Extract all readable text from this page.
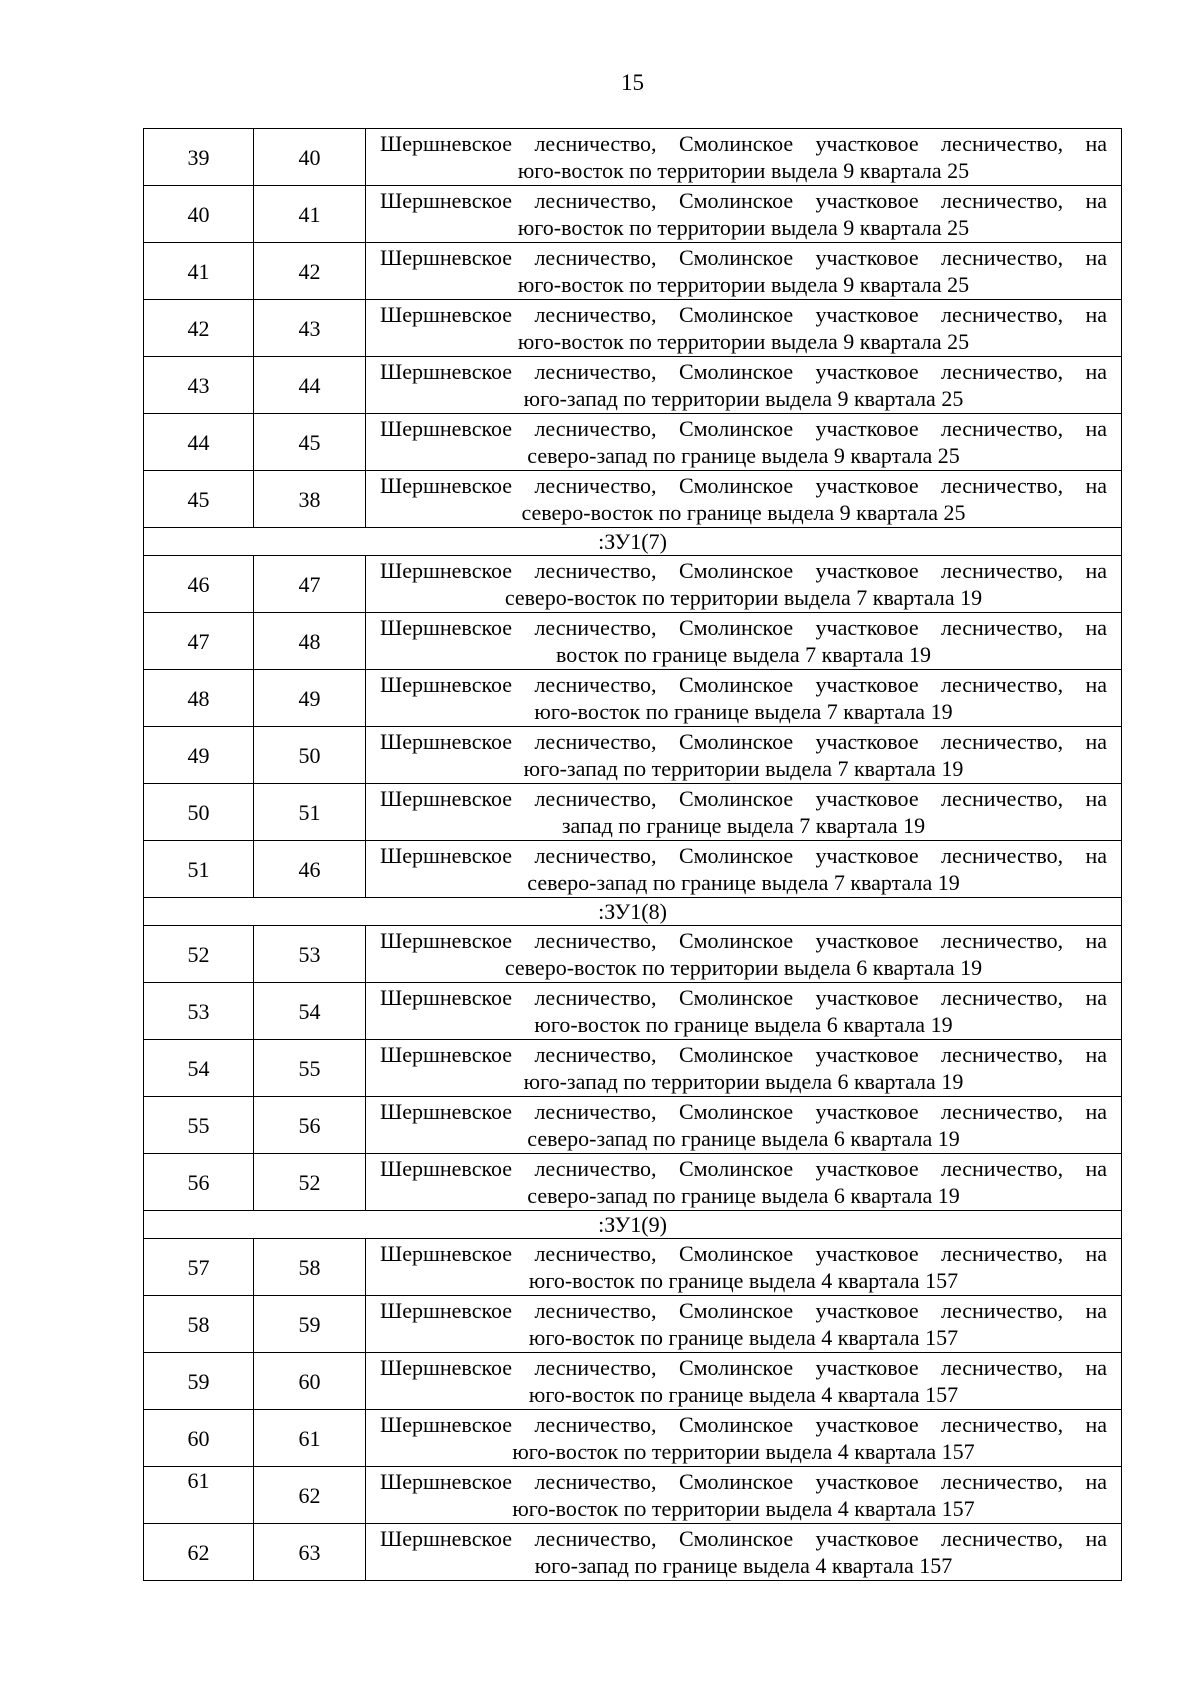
15
39	40	Шершневское лесничество, Смолинское участковое лесничество, на
юго-восток по территории выдела 9 квартала 25

40	41	Шершневское лесничество, Смолинское участковое лесничество, на
юго-восток по территории выдела 9 квартала 25

41	42	Шершневское лесничество, Смолинское участковое лесничество, на
юго-восток по территории выдела 9 квартала 25

42	43	Шершневское лесничество, Смолинское участковое лесничество, на
юго-восток по территории выдела 9 квартала 25

43	44	Шершневское лесничество, Смолинское участковое лесничество, на
юго-запад по территории выдела 9 квартала 25

44	45	Шершневское лесничество, Смолинское участковое лесничество, на
северо-запад по границе выдела 9 квартала 25

45	38	Шершневское лесничество, Смолинское участковое лесничество, на
северо-восток по границе выдела 9 квартала 25

:ЗУ1(7)		
46	47	Шершневское лесничество, Смолинское участковое лесничество, на
северо-восток по территории выдела 7 квартала 19

47	48	Шершневское лесничество, Смолинское участковое лесничество, на
восток по границе выдела 7 квартала 19

48	49	Шершневское лесничество, Смолинское участковое лесничество, на
юго-восток по границе выдела 7 квартала 19

49	50	Шершневское лесничество, Смолинское участковое лесничество, на
юго-запад по территории выдела 7 квартала 19

50	51	Шершневское лесничество, Смолинское участковое лесничество, на
запад по границе выдела 7 квартала 19

51	46	Шершневское лесничество, Смолинское участковое лесничество, на
северо-запад по границе выдела 7 квартала 19

:ЗУ1(8)		
52	53	Шершневское лесничество, Смолинское участковое лесничество, на
северо-восток по территории выдела 6 квартала 19

53	54	Шершневское лесничество, Смолинское участковое лесничество, на
юго-восток по границе выдела 6 квартала 19

54	55	Шершневское лесничество, Смолинское участковое лесничество, на
юго-запад по территории выдела 6 квартала 19

55	56	Шершневское лесничество, Смолинское участковое лесничество, на
северо-запад по границе выдела 6 квартала 19

56	52	Шершневское лесничество, Смолинское участковое лесничество, на
северо-запад по границе выдела 6 квартала 19

:ЗУ1(9)		
57	58	Шершневское лесничество, Смолинское участковое лесничество, на
юго-восток по границе выдела 4 квартала 157

58	59	Шершневское лесничество, Смолинское участковое лесничество, на
юго-восток по границе выдела 4 квартала 157

59	60	Шершневское лесничество, Смолинское участковое лесничество, на
юго-восток по границе выдела 4 квартала 157

60	61	Шершневское лесничество, Смолинское участковое лесничество, на
юго-восток по территории выдела 4 квартала 157

61	62	Шершневское лесничество, Смолинское участковое лесничество, на
юго-восток по территории выдела 4 квартала 157

62	63	Шершневское лесничество, Смолинское участковое лесничество, на
юго-запад по границе выдела 4 квартала 157
